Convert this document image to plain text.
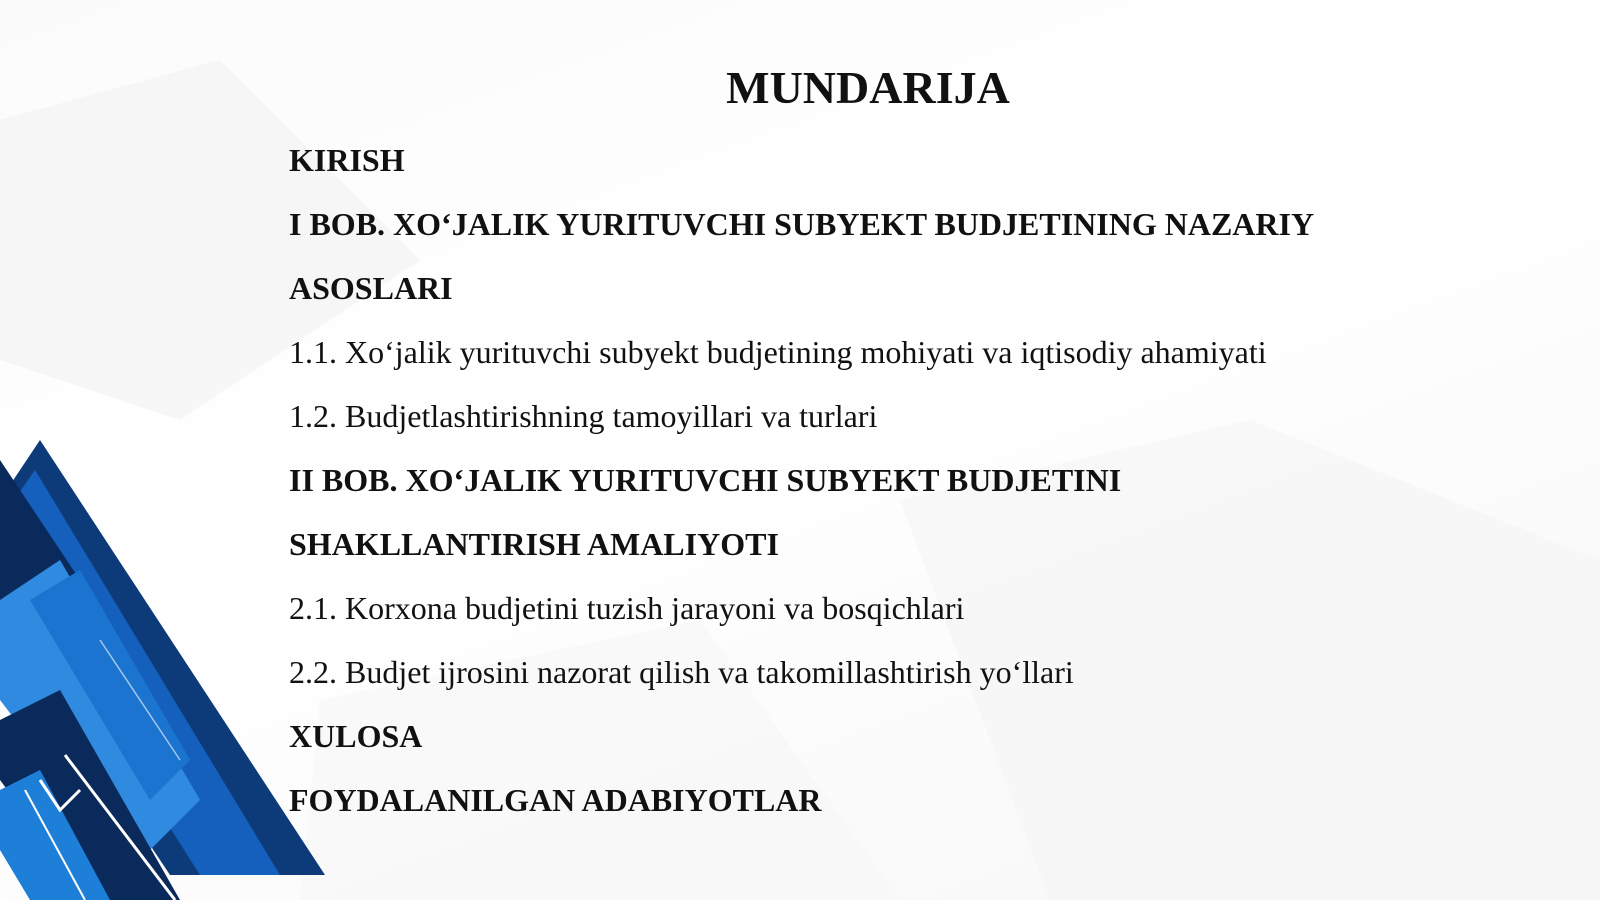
MUNDARIJA
KIRISH
I BOB. XO‘JALIK YURITUVCHI SUBYEKT BUDJETINING NAZARIY
ASOSLARI
1.1. Xo‘jalik yurituvchi subyekt budjetining mohiyati va iqtisodiy ahamiyati
1.2. Budjetlashtirishning tamoyillari va turlari
II BOB. XO‘JALIK YURITUVCHI SUBYEKT BUDJETINI
SHAKLLANTIRISH AMALIYOTI
2.1. Korxona budjetini tuzish jarayoni va bosqichlari
2.2. Budjet ijrosini nazorat qilish va takomillashtirish yo‘llari
XULOSA
FOYDALANILGAN ADABIYOTLAR
